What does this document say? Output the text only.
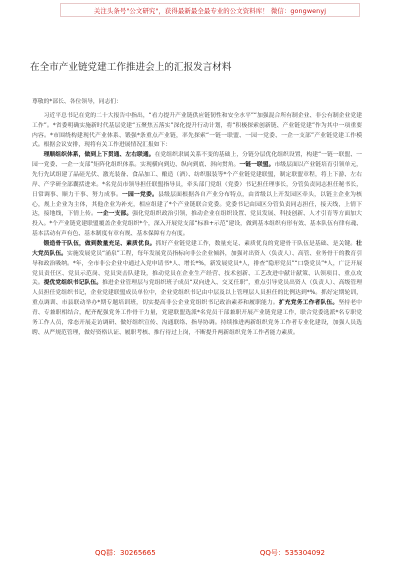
关注头条号"公文研究"，获得最新最全最专业的公文资料库！ 微信：gongwenyj
在全市产业链党建工作推进会上的汇报发言材料

尊敬的*部长、各位领导，同志们：

习近平总书记在党的二十大报告中指出，“看力提升产业链供应链韧性和安全水平”“加强混合所有制企业、非公有制企业党建工作”。*省委明确实施新时代基层党建“五聚焦五落实”深化提升行动计划，将“积极探索创新链、产业链党建”作为其中一项重要内容。*市围绕构建现代产业体系、锻强*条重点产业链，率先探索“一链一联盟、一园一党委、一企一支部”产业链党建工作模式。根据会议安排，现将有关工作进展情况汇报如下：

理顺组织体系，做到上下贯通、左右联通。在党组织隶属关系不变的基础上，分链分层优化组织设置，构建“一链一联盟、一园一党委、一企一支部”矩阵化组织体系。实现横向到边、纵向到底、斜向贯角。一链一联盟。市级层面以产业链培育引领单元，先行先试组建了晶硅光伏、激光装备、食品加工、酿造（酒）、纺织服装等*个产业链党建联盟，制定联盟章程，将上下游、左右岸、产学研全部囊括进来。*名党员市领导担任联盟指导员，牵头部门党组（党委）书记担任理事长，分管负责同志担任秘书长，日常调事、顺力干事、努力成事。一园一党委。县级层面根据各自产业分布特点，由省级以上开发园区牵头，以链主企业为核心，规上企业为主体，其他企业为补充，相应组建了*个产业链联合党委。党委书记由园区分管负责同志担任，接天线，上情下达，接地线，下情上传。一企一支部。强化党组织政治引领，推动企业在组织设置、党员发展、科技创新、人才引育等方面加大投入。*个产业链党建联盟覆盖企业党组织*个，深入开展党支部“标准+示范”建设，做到基本组织有形有效、基本队伍有律有魂、基本活动有声有色、基本制度有章有规、基本保障有力有度。

锻造骨干队伍，做到数量充足、素质优良。抓好产业链党建工作，数量充足、素质优良的党建骨干队伍是基础、是关键。壮大党员队伍。实施发展党员“涌泉”工程，每年发展党员指标向非公企业倾斜，加强对出资人（负责人）、高管、业务骨干的教育引导和政治吸纳。*年，全市非公企业中通过入党申请书*人、增长*%，新发展党员*人，排查“隐形党员”“口袋党员”*人，广泛开展党员责任区、党员示范岗、党员突击队建设，推动党员在企业生产经营、技术创新、工艺改进中献计献策、认领项目、重点攻关。提优党组织书记队伍。推进企业管理层与党组织班子成员“双向进入、交叉任职”，重点引导党员出资人（负责人）、高级管理人员担任党组织书记，企业党建联盟成员单位中，企业党组织书记由中层及以上管理层人员担任的比例达到*%。抓好定期轮训，重点调训、市县联动举办*期专题培训班，切实提高非公企业党组织书记政治素养和履职能力。扩充党务工作者队伍。坚持老中青、专兼职相结合，配齐配强党务工作骨干力量，党建联盟选派*名党员干部兼职开展产业链党建工作，联合党委选派*名专职党务工作人员，常态开展走访调研、做好组织宣传、沟通联络、指导协调。持续推进两新组织党务工作者专业化建设，加强人员选聘、从严规范管理，做好资格认证、履职考核、推行待过上岗，不断提升两新组织党务工作者能力素质。

QQ群：30265665	QQ号：535304092
